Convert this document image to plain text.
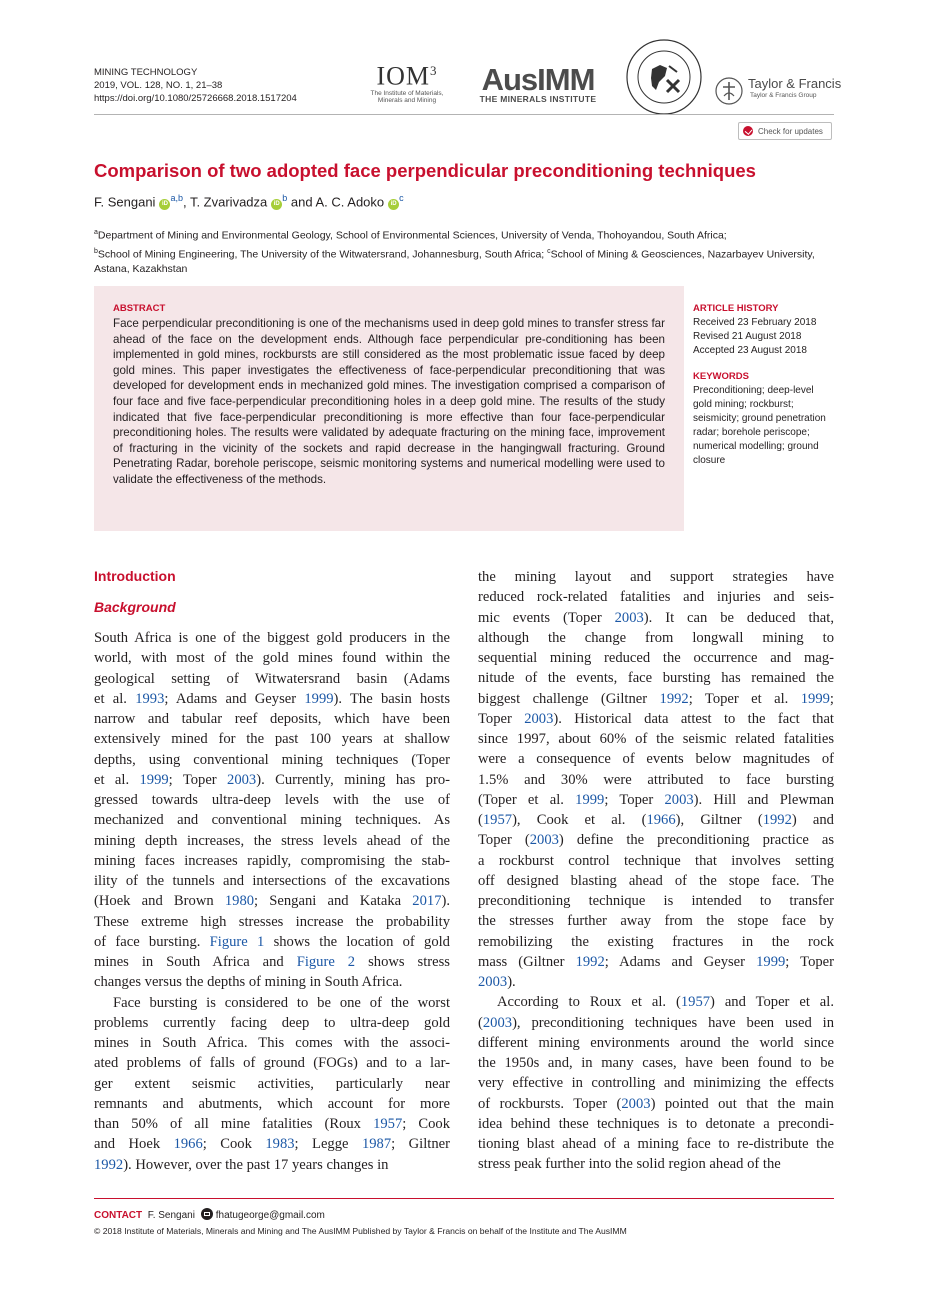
MINING TECHNOLOGY
2019, VOL. 128, NO. 1, 21–38
https://doi.org/10.1080/25726668.2018.1517204
IOM$^3$
The Institute of Materials,
Minerals and Mining
AusIMM
THE MINERALS INSTITUTE
Taylor & Francis
Taylor & Francis Group
Check for updates
Comparison of two adopted face perpendicular preconditioning techniques
F. Sengani iD$^{a,b}$, T. Zvarivadza $iD^b$ and A. C. Adoko $iD^c$
$^a$Department of Mining and Environmental Geology, School of Environmental Sciences, University of Venda, Thohoyandou, South Africa;
$^b$School of Mining Engineering, The University of the Witwatersrand, Johannesburg, South Africa; $^c$School of Mining & Geosciences, Nazarbayev University, Astana, Kazakhstan
ABSTRACT
Face perpendicular preconditioning is one of the mechanisms used in deep gold mines to transfer stress far ahead of the face on the development ends. Although face perpendicular pre-conditioning has been implemented in gold mines, rockbursts are still considered as the most problematic issue faced by deep gold mines. This paper investigates the effectiveness of face-perpendicular preconditioning that was developed for development ends in mechanized gold mines. The investigation comprised a comparison of four face and five face-perpendicular preconditioning holes in a deep gold mine. The results of the study indicated that five face-perpendicular preconditioning is more effective than four face-perpendicular preconditioning holes. The results were validated by adequate fracturing on the mining face, improvement of fracturing in the vicinity of the sockets and rapid decrease in the hangingwall fracturing. Ground Penetrating Radar, borehole periscope, seismic monitoring systems and numerical modelling were used to validate the effectiveness of the methods.
ARTICLE HISTORY
Received 23 February 2018
Revised 21 August 2018
Accepted 23 August 2018
KEYWORDS
Preconditioning; deep-level gold mining; rockburst; seismicity; ground penetration radar; borehole periscope; numerical modelling; ground closure
Introduction
Background
South Africa is one of the biggest gold producers in the
world, with most of the gold mines found within the
geological setting of Witwatersrand basin (Adams
et al. 1993; Adams and Geyser 1999). The basin hosts
narrow and tabular reef deposits, which have been
extensively mined for the past 100 years at shallow
depths, using conventional mining techniques (Toper
et al. 1999; Toper 2003). Currently, mining has pro-
gressed towards ultra-deep levels with the use of
mechanized and conventional mining techniques. As
mining depth increases, the stress levels ahead of the
mining faces increases rapidly, compromising the stab-
ility of the tunnels and intersections of the excavations
(Hoek and Brown 1980; Sengani and Kataka 2017).
These extreme high stresses increase the probability
of face bursting. Figure 1 shows the location of gold
mines in South Africa and Figure 2 shows stress
changes versus the depths of mining in South Africa.
Face bursting is considered to be one of the worst
problems currently facing deep to ultra-deep gold
mines in South Africa. This comes with the associ-
ated problems of falls of ground (FOGs) and to a lar-
ger extent seismic activities, particularly near
remnants and abutments, which account for more
than 50% of all mine fatalities (Roux 1957; Cook
and Hoek 1966; Cook 1983; Legge 1987; Giltner
1992). However, over the past 17 years changes in
the mining layout and support strategies have
reduced rock-related fatalities and injuries and seis-
mic events (Toper 2003). It can be deduced that,
although the change from longwall mining to
sequential mining reduced the occurrence and mag-
nitude of the events, face bursting has remained the
biggest challenge (Giltner 1992; Toper et al. 1999;
Toper 2003). Historical data attest to the fact that
since 1997, about 60% of the seismic related fatalities
were a consequence of events below magnitudes of
1.5% and 30% were attributed to face bursting
(Toper et al. 1999; Toper 2003). Hill and Plewman
(1957), Cook et al. (1966), Giltner (1992) and
Toper (2003) define the preconditioning practice as
a rockburst control technique that involves setting
off designed blasting ahead of the stope face. The
preconditioning technique is intended to transfer
the stresses further away from the stope face by
remobilizing the existing fractures in the rock
mass (Giltner 1992; Adams and Geyser 1999; Toper
2003).
According to Roux et al. (1957) and Toper et al.
(2003), preconditioning techniques have been used in
different mining environments around the world since
the 1950s and, in many cases, have been found to be
very effective in controlling and minimizing the effects
of rockbursts. Toper (2003) pointed out that the main
idea behind these techniques is to detonate a precondi-
tioning blast ahead of a mining face to re-distribute the
stress peak further into the solid region ahead of the
CONTACT F. Sengani fhatugeorge@gmail.com
© 2018 Institute of Materials, Minerals and Mining and The AusIMM Published by Taylor & Francis on behalf of the Institute and The AusIMM
